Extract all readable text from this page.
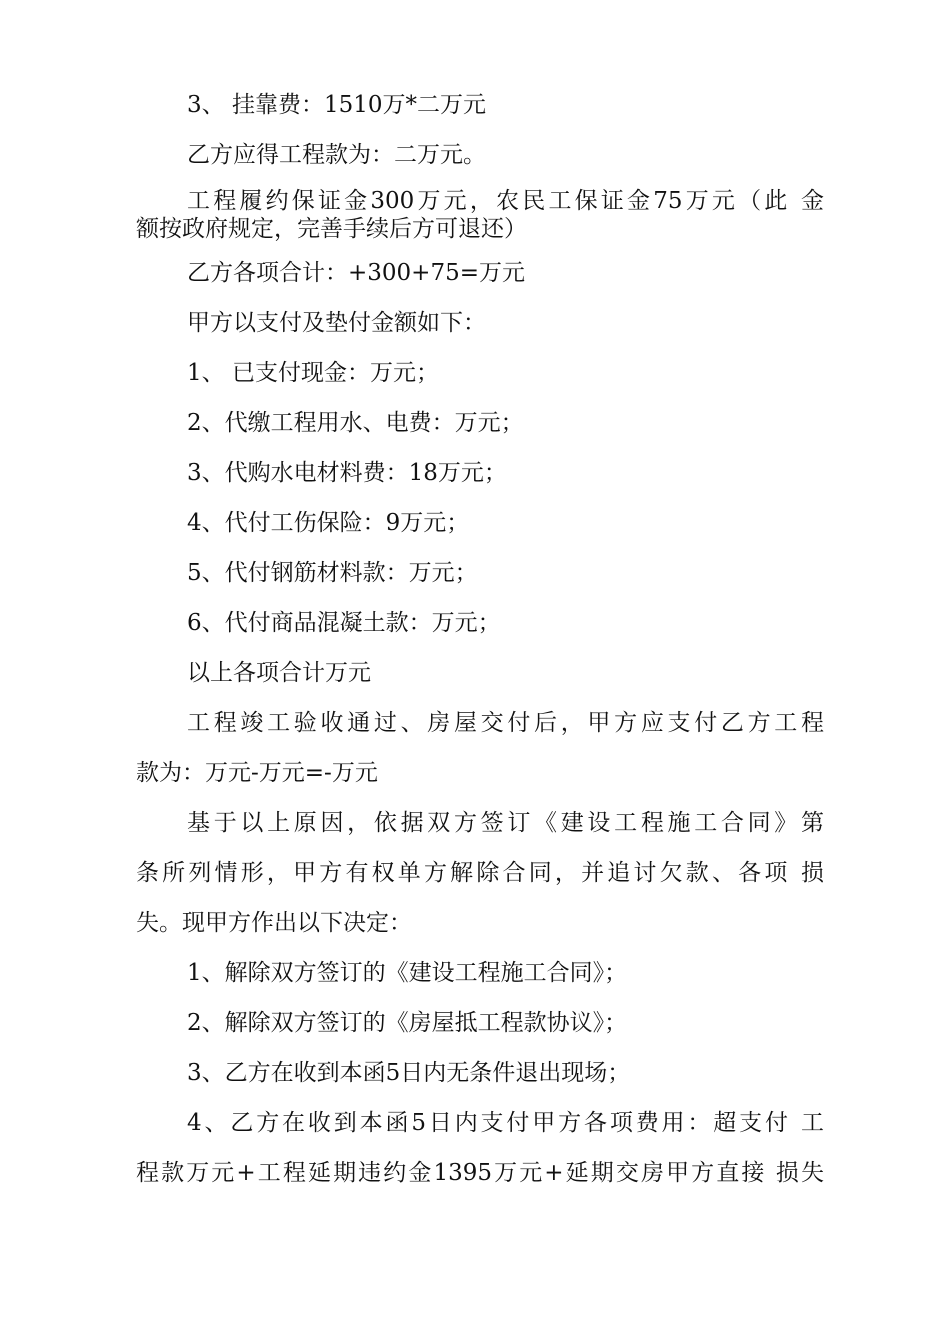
3、 挂靠费：1510万*二万元
乙方应得工程款为：二万元。
工程履约保证金300万元，农民工保证金75万元（此 金
额按政府规定，完善手续后方可退还）
乙方各项合计：+300+75=万元
甲方以支付及垫付金额如下：
1、 已支付现金：万元；
2、代缴工程用水、电费：万元；
3、代购水电材料费：18万元；
4、代付工伤保险：9万元；
5、代付钢筋材料款：万元；
6、代付商品混凝土款：万元；
以上各项合计万元
工程竣工验收通过、房屋交付后，甲方应支付乙方工程
款为：万元-万元=-万元
基于以上原因，依据双方签订《建设工程施工合同》第
条所列情形，甲方有权单方解除合同，并追讨欠款、各项 损
失。现甲方作出以下决定：
1、解除双方签订的《建设工程施工合同》；
2、解除双方签订的《房屋抵工程款协议》；
3、乙方在收到本函5日内无条件退出现场；
4、乙方在收到本函5日内支付甲方各项费用：超支付 工
程款万元+工程延期违约金1395万元+延期交房甲方直接 损失
